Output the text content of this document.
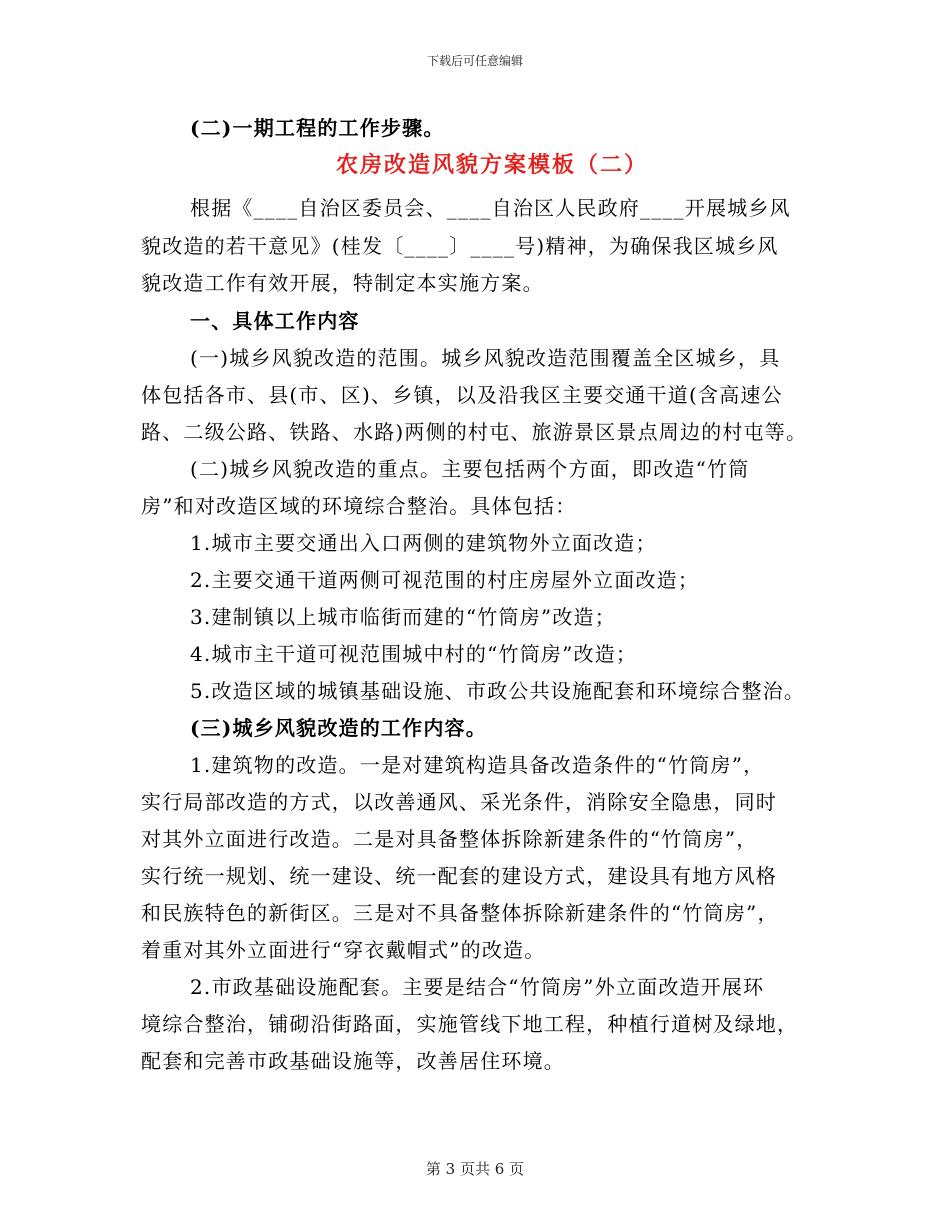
下载后可任意编辑
(二)一期工程的工作步骤。
农房改造风貌方案模板（二）
根据《____自治区委员会、____自治区人民政府____开展城乡风
貌改造的若干意见》(桂发〔____〕____号)精神，为确保我区城乡风
貌改造工作有效开展，特制定本实施方案。
一、具体工作内容
(一)城乡风貌改造的范围。城乡风貌改造范围覆盖全区城乡，具
体包括各市、县(市、区)、乡镇，以及沿我区主要交通干道(含高速公
路、二级公路、铁路、水路)两侧的村屯、旅游景区景点周边的村屯等。
(二)城乡风貌改造的重点。主要包括两个方面，即改造“竹筒
房”和对改造区域的环境综合整治。具体包括：
1.城市主要交通出入口两侧的建筑物外立面改造；
2.主要交通干道两侧可视范围的村庄房屋外立面改造；
3.建制镇以上城市临街而建的“竹筒房”改造；
4.城市主干道可视范围城中村的“竹筒房”改造；
5.改造区域的城镇基础设施、市政公共设施配套和环境综合整治。
(三)城乡风貌改造的工作内容。
1.建筑物的改造。一是对建筑构造具备改造条件的“竹筒房”，
实行局部改造的方式，以改善通风、采光条件，消除安全隐患，同时
对其外立面进行改造。二是对具备整体拆除新建条件的“竹筒房”，
实行统一规划、统一建设、统一配套的建设方式，建设具有地方风格
和民族特色的新街区。三是对不具备整体拆除新建条件的“竹筒房”，
着重对其外立面进行“穿衣戴帽式”的改造。
2.市政基础设施配套。主要是结合“竹筒房”外立面改造开展环
境综合整治，铺砌沿街路面，实施管线下地工程，种植行道树及绿地，
配套和完善市政基础设施等，改善居住环境。
第 3 页共 6 页
